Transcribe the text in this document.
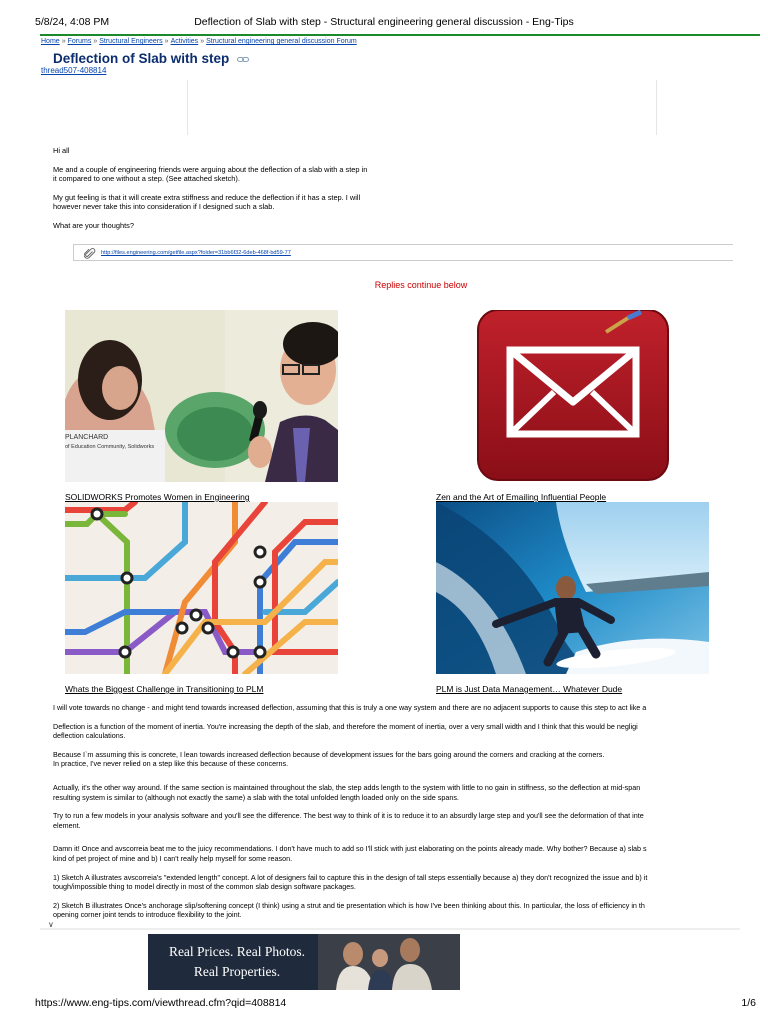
5/8/24, 4:08 PM	Deflection of Slab with step - Structural engineering general discussion - Eng-Tips
Home » Forums » Structural Engineers » Activities » Structural engineering general discussion Forum
Deflection of Slab with step
thread507-408814

Hi all

Me and a couple of engineering friends were arguing about the deflection of a slab with a step in it compared to one without a step. (See attached sketch).

My gut feeling is that it will create extra stiffness and reduce the deflection if it has a step. I will however never take this into consideration if I designed such a slab.

What are your thoughts?

http://files.engineering.com/getfile.aspx?folder=31bb6f32-6deb-468f-bd59-77
Replies continue below
PLANCHARD
of Education Community, Solidworks
SOLIDWORKS Promotes Women in Engineering	Zen and the Art of Emailing Influential People
Whats the Biggest Challenge in Transitioning to PLM	PLM is Just Data Management… Whatever Dude

I will vote towards no change - and might tend towards increased deflection, assuming that this is truly a one way system and there are no adjacent supports to cause this step to act like a

Deflection is a function of the moment of inertia. You're increasing the depth of the slab, and therefore the moment of inertia, over a very small width and I think that this would be negligi
deflection calculations.

Because I`m assuming this is concrete, I lean towards increased deflection because of development issues for the bars going around the corners and cracking at the corners.
In practice, I've never relied on a step like this because of these concerns.

Actually, it's the other way around. If the same section is maintained throughout the slab, the step adds length to the system with little to no gain in stiffness, so the deflection at mid-span
resulting system is similar to (although not exactly the same) a slab with the total unfolded length loaded only on the side spans.

Try to run a few models in your analysis software and you'll see the difference. The best way to think of it is to reduce it to an absurdly large step and you'll see the deformation of that inte
element.

Damn it! Once and avscorreia beat me to the juicy recommendations. I don't have much to add so I'll stick with just elaborating on the points already made. Why bother? Because a) slab s
kind of pet project of mine and b) I can't really help myself for some reason.

1) Sketch A illustrates avscorreia's "extended length" concept. A lot of designers fail to capture this in the design of tall steps essentially because a) they don't recognized the issue and b) it
tough/impossible thing to model directly in most of the common slab design software packages.

2) Sketch B illustrates Once's anchorage slip/softening concept (I think) using a strut and tie presentation which is how I've been thinking about this. In particular, the loss of efficiency in th
opening corner joint tends to introduce flexibility to the joint.

∨
Real Prices. Real Photos.
Real Properties.
https://www.eng-tips.com/viewthread.cfm?qid=408814	1/6
